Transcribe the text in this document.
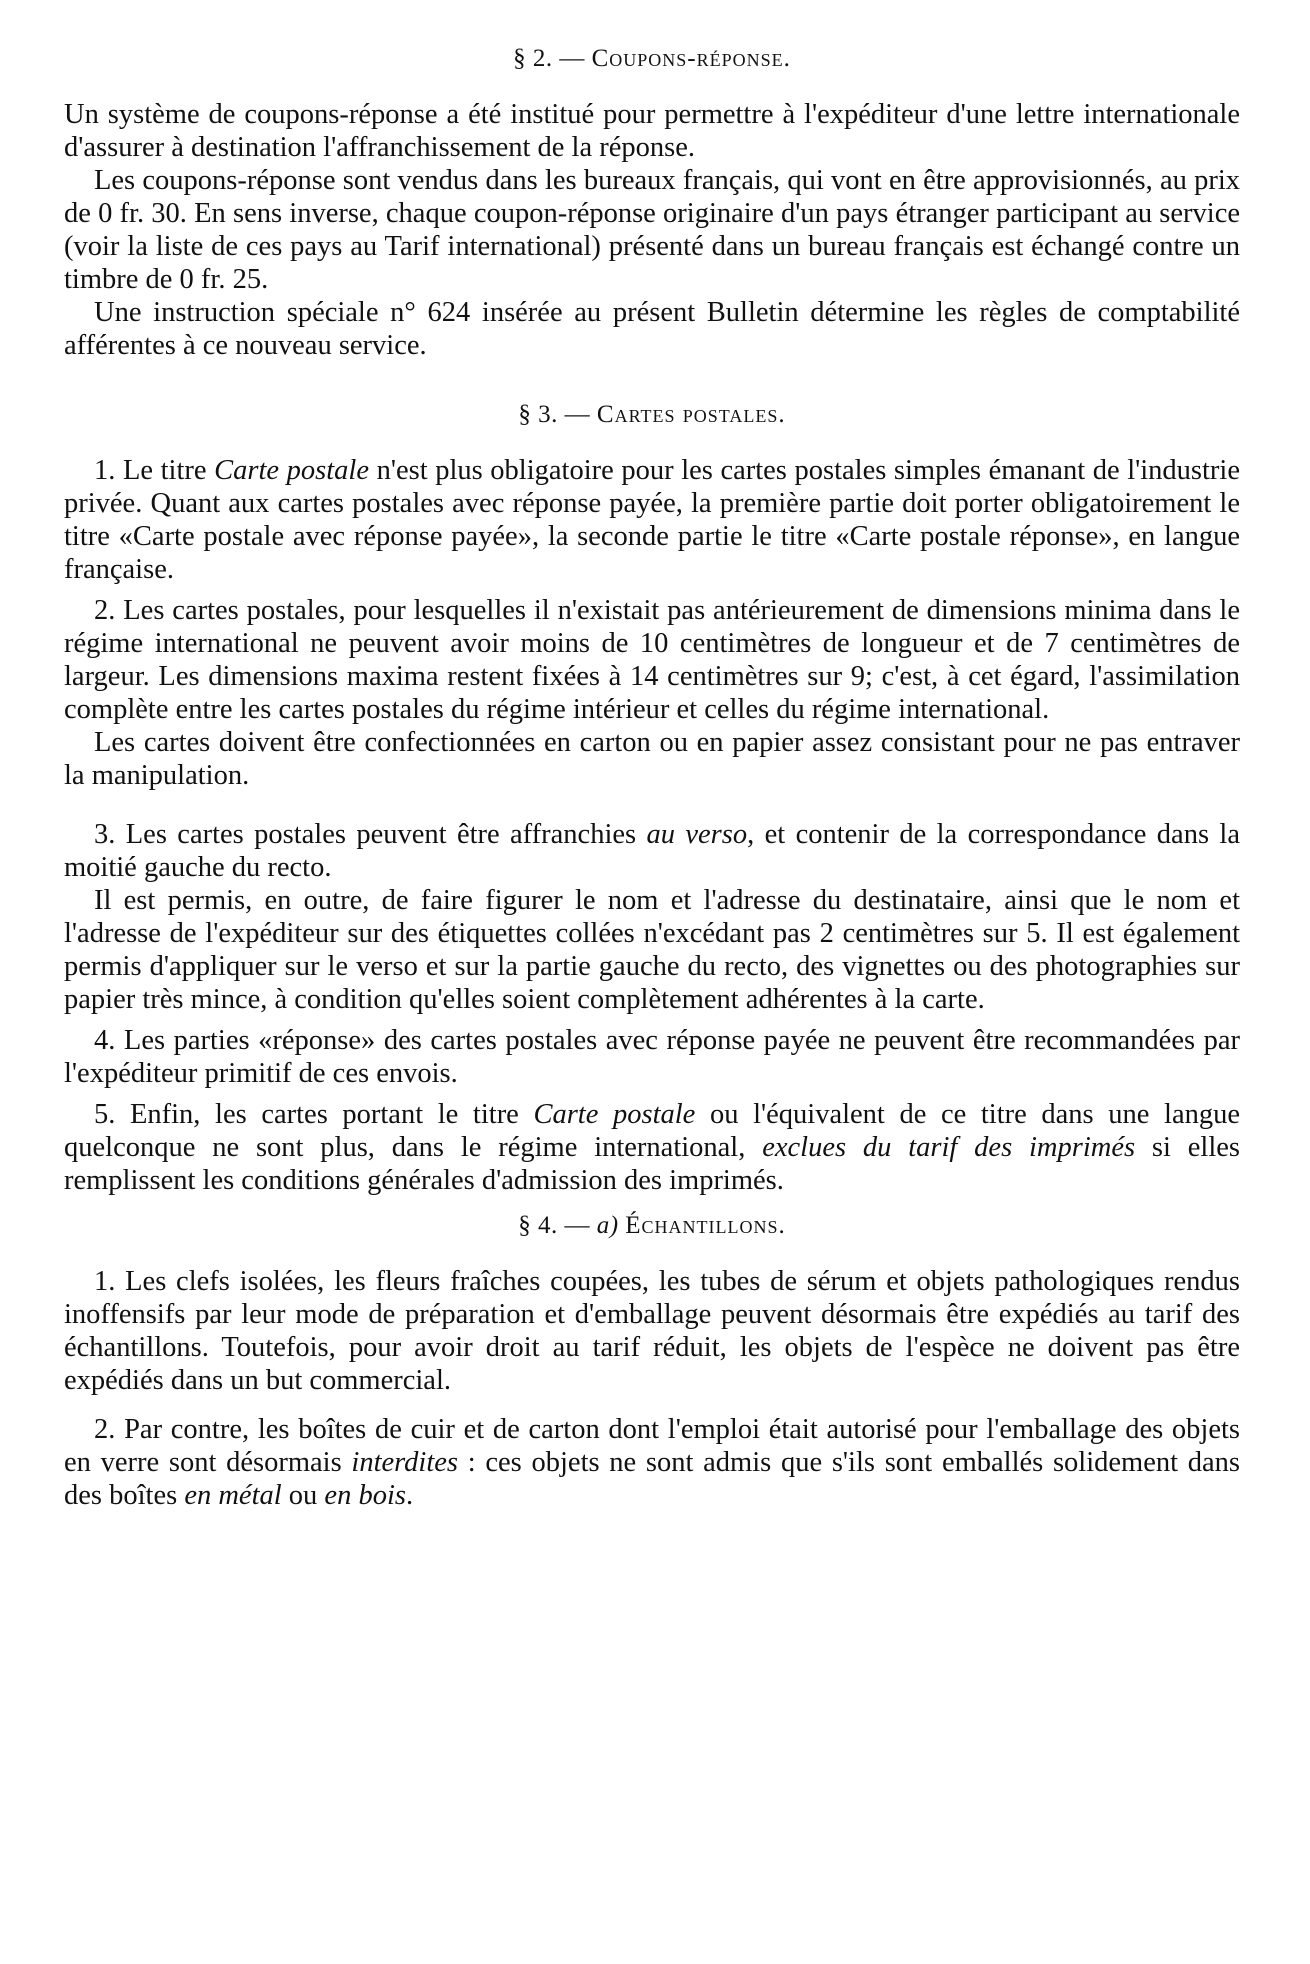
§ 2. — Coupons-réponse.

Un système de coupons-réponse a été institué pour permettre à l'expéditeur d'une lettre internationale d'assurer à destination l'affranchissement de la réponse.

Les coupons-réponse sont vendus dans les bureaux français, qui vont en être approvisionnés, au prix de 0 fr. 30. En sens inverse, chaque coupon-réponse originaire d'un pays étranger participant au service (voir la liste de ces pays au Tarif international) présenté dans un bureau français est échangé contre un timbre de 0 fr. 25.

Une instruction spéciale n° 624 insérée au présent Bulletin détermine les règles de comptabilité afférentes à ce nouveau service.

§ 3. — Cartes postales.

1. Le titre Carte postale n'est plus obligatoire pour les cartes postales simples émanant de l'industrie privée. Quant aux cartes postales avec réponse payée, la première partie doit porter obligatoirement le titre «Carte postale avec réponse payée», la seconde partie le titre «Carte postale réponse», en langue française.

2. Les cartes postales, pour lesquelles il n'existait pas antérieurement de dimensions minima dans le régime international ne peuvent avoir moins de 10 centimètres de longueur et de 7 centimètres de largeur. Les dimensions maxima restent fixées à 14 centimètres sur 9; c'est, à cet égard, l'assimilation complète entre les cartes postales du régime intérieur et celles du régime international.

Les cartes doivent être confectionnées en carton ou en papier assez consistant pour ne pas entraver la manipulation.

3. Les cartes postales peuvent être affranchies au verso, et contenir de la correspondance dans la moitié gauche du recto.

Il est permis, en outre, de faire figurer le nom et l'adresse du destinataire, ainsi que le nom et l'adresse de l'expéditeur sur des étiquettes collées n'excédant pas 2 centimètres sur 5. Il est également permis d'appliquer sur le verso et sur la partie gauche du recto, des vignettes ou des photographies sur papier très mince, à condition qu'elles soient complètement adhérentes à la carte.

4. Les parties «réponse» des cartes postales avec réponse payée ne peuvent être recommandées par l'expéditeur primitif de ces envois.

5. Enfin, les cartes portant le titre Carte postale ou l'équivalent de ce titre dans une langue quelconque ne sont plus, dans le régime international, exclues du tarif des imprimés si elles remplissent les conditions générales d'admission des imprimés.

§ 4. — a) Échantillons.

1. Les clefs isolées, les fleurs fraîches coupées, les tubes de sérum et objets pathologiques rendus inoffensifs par leur mode de préparation et d'emballage peuvent désormais être expédiés au tarif des échantillons. Toutefois, pour avoir droit au tarif réduit, les objets de l'espèce ne doivent pas être expédiés dans un but commercial.

2. Par contre, les boîtes de cuir et de carton dont l'emploi était autorisé pour l'emballage des objets en verre sont désormais interdites : ces objets ne sont admis que s'ils sont emballés solidement dans des boîtes en métal ou en bois.
